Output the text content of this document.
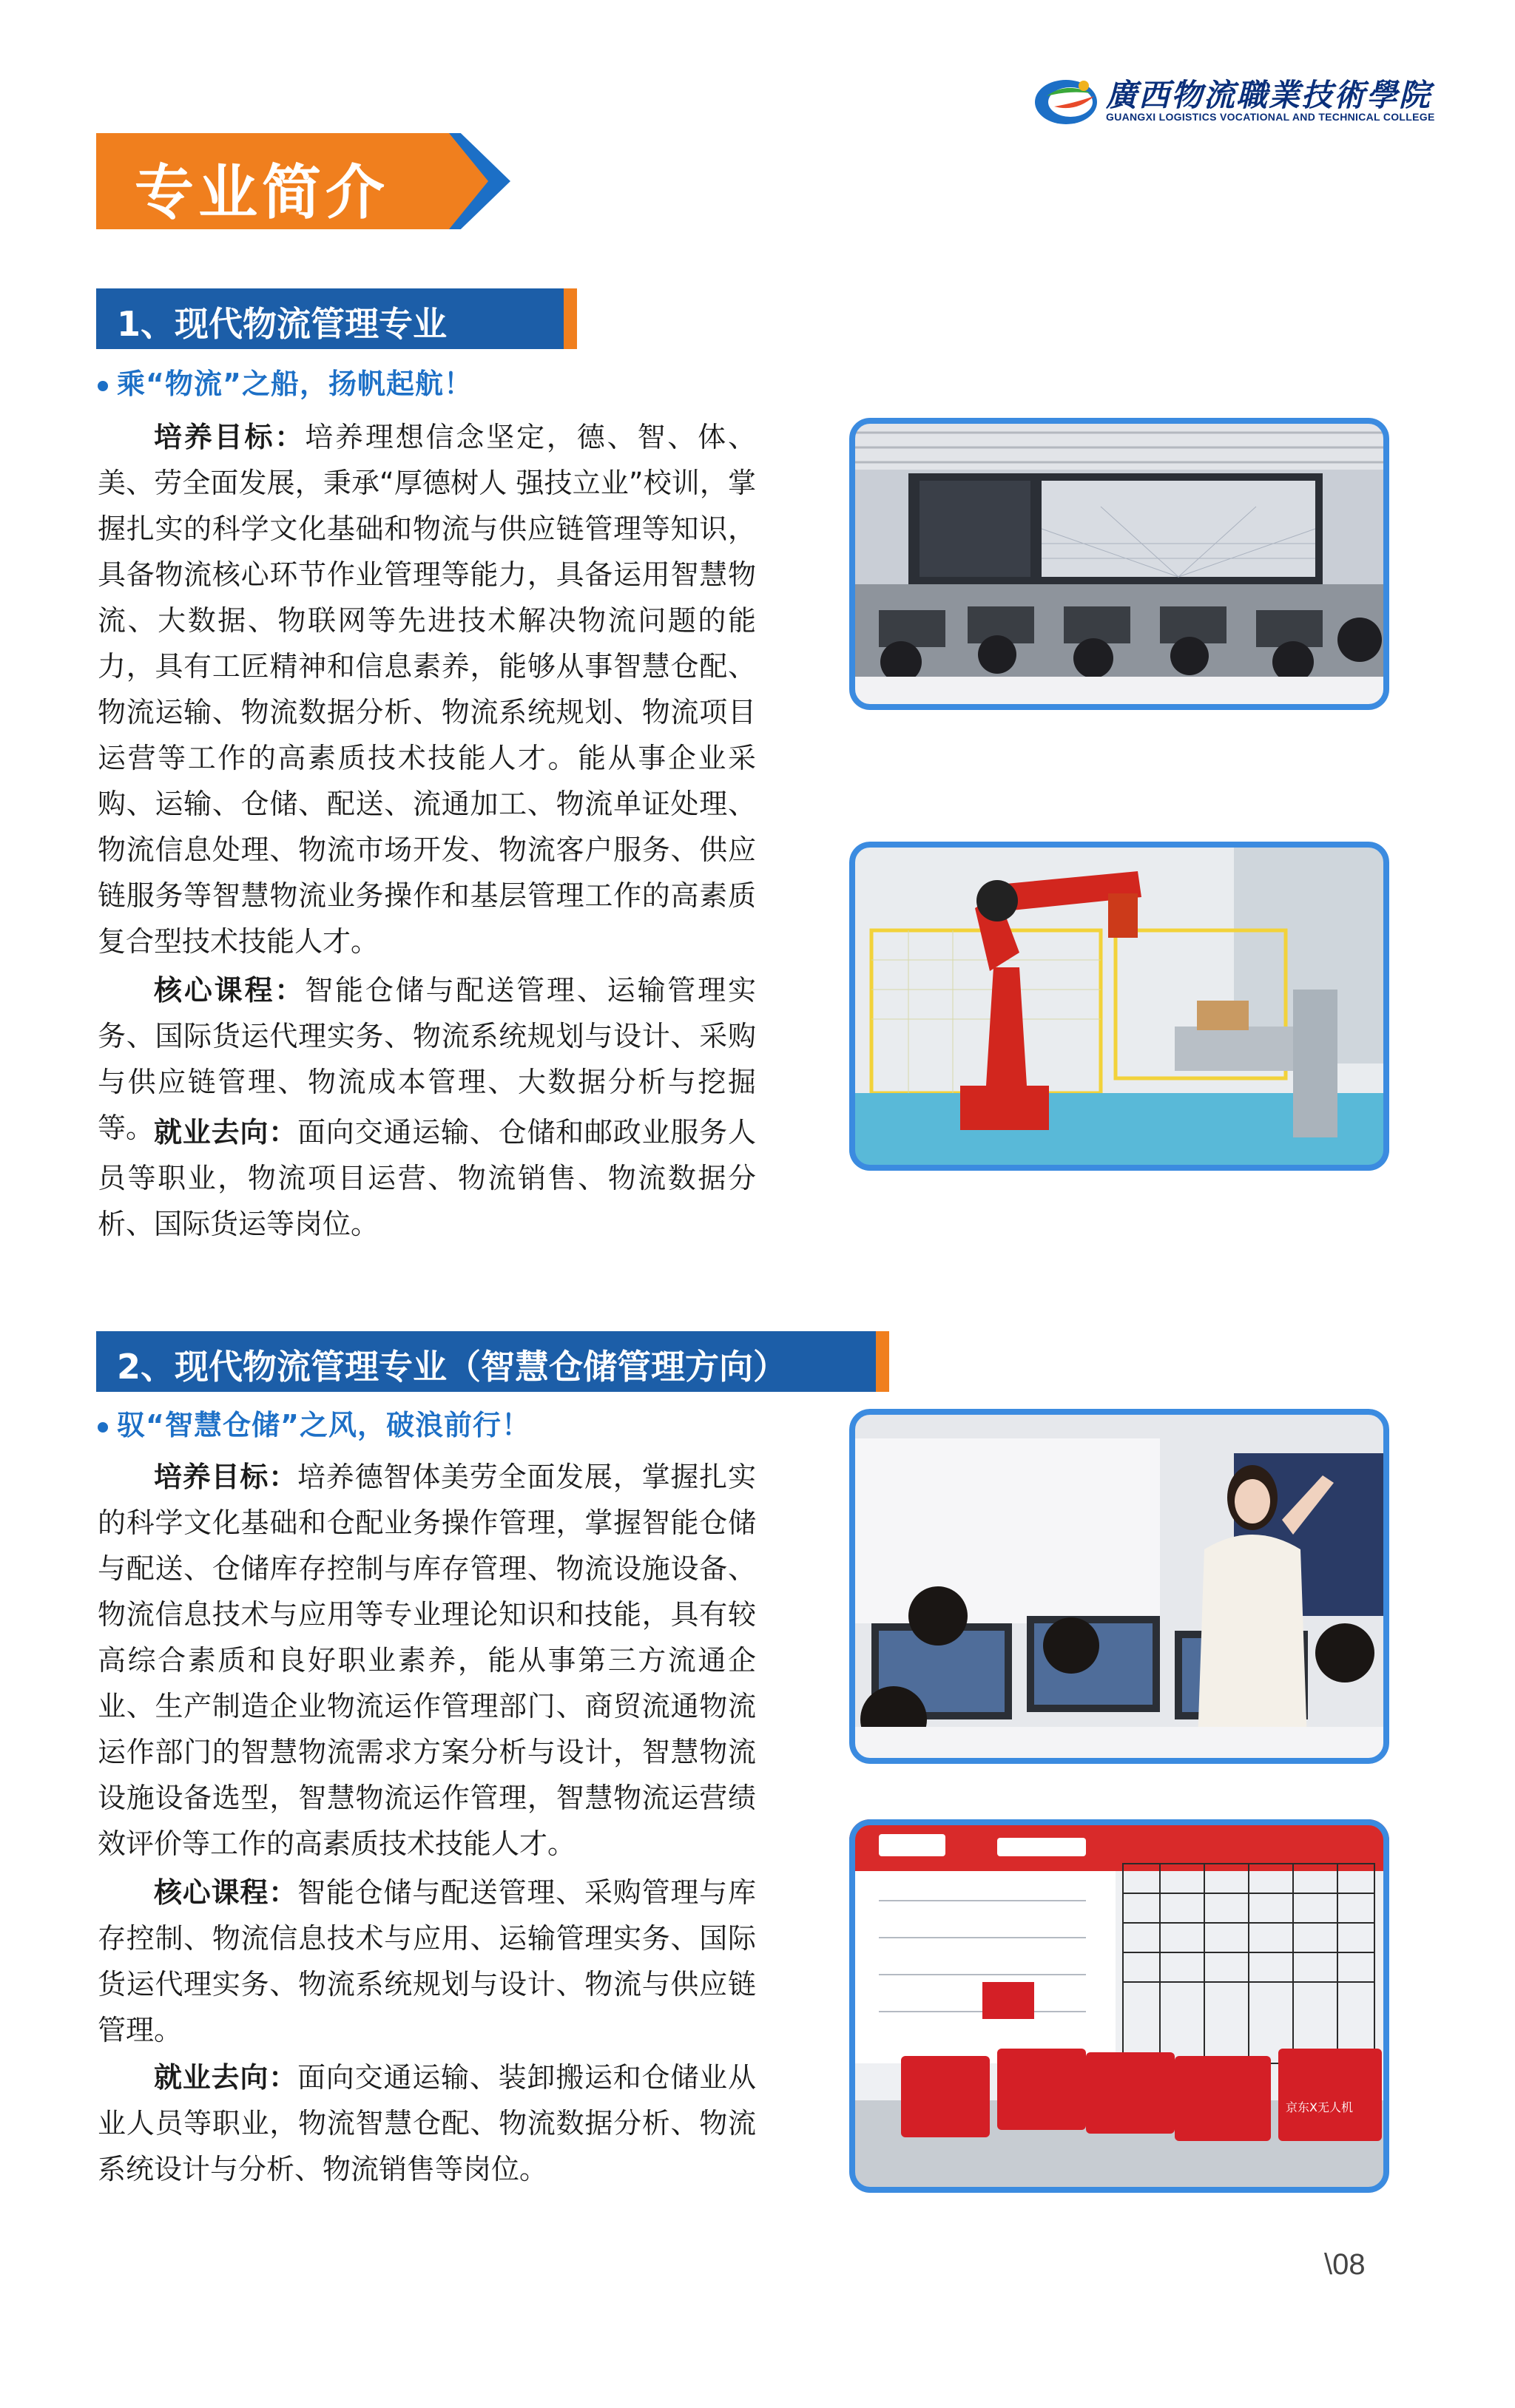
廣西物流職業技術學院
GUANGXI LOGISTICS VOCATIONAL AND TECHNICAL COLLEGE
专业简介
1、现代物流管理专业
乘“物流”之船，扬帆起航！
培养目标：培养理想信念坚定，德、智、体、美、劳全面发展，秉承“厚德树人 强技立业”校训，掌握扎实的科学文化基础和物流与供应链管理等知识，具备物流核心环节作业管理等能力，具备运用智慧物流、大数据、物联网等先进技术解决物流问题的能力，具有工匠精神和信息素养，能够从事智慧仓配、物流运输、物流数据分析、物流系统规划、物流项目运营等工作的高素质技术技能人才。能从事企业采购、运输、仓储、配送、流通加工、物流单证处理、物流信息处理、物流市场开发、物流客户服务、供应链服务等智慧物流业务操作和基层管理工作的高素质复合型技术技能人才。
核心课程：智能仓储与配送管理、运输管理实务、国际货运代理实务、物流系统规划与设计、采购与供应链管理、物流成本管理、大数据分析与挖掘等。 就业去向：面向交通运输、仓储和邮政业服务人员等职业，物流项目运营、物流销售、物流数据分析、国际货运等岗位。
2、现代物流管理专业（智慧仓储管理方向）
驭“智慧仓储”之风，破浪前行！
培养目标：培养德智体美劳全面发展，掌握扎实的科学文化基础和仓配业务操作管理，掌握智能仓储与配送、仓储库存控制与库存管理、物流设施设备、物流信息技术与应用等专业理论知识和技能，具有较高综合素质和良好职业素养，能从事第三方流通企业、生产制造企业物流运作管理部门、商贸流通物流运作部门的智慧物流需求方案分析与设计，智慧物流设施设备选型，智慧物流运作管理，智慧物流运营绩效评价等工作的高素质技术技能人才。
核心课程：智能仓储与配送管理、采购管理与库存控制、物流信息技术与应用、运输管理实务、国际货运代理实务、物流系统规划与设计、物流与供应链管理。
就业去向：面向交通运输、装卸搬运和仓储业从业人员等职业，物流智慧仓配、物流数据分析、物流系统设计与分析、物流销售等岗位。
京东X无人机
\08
